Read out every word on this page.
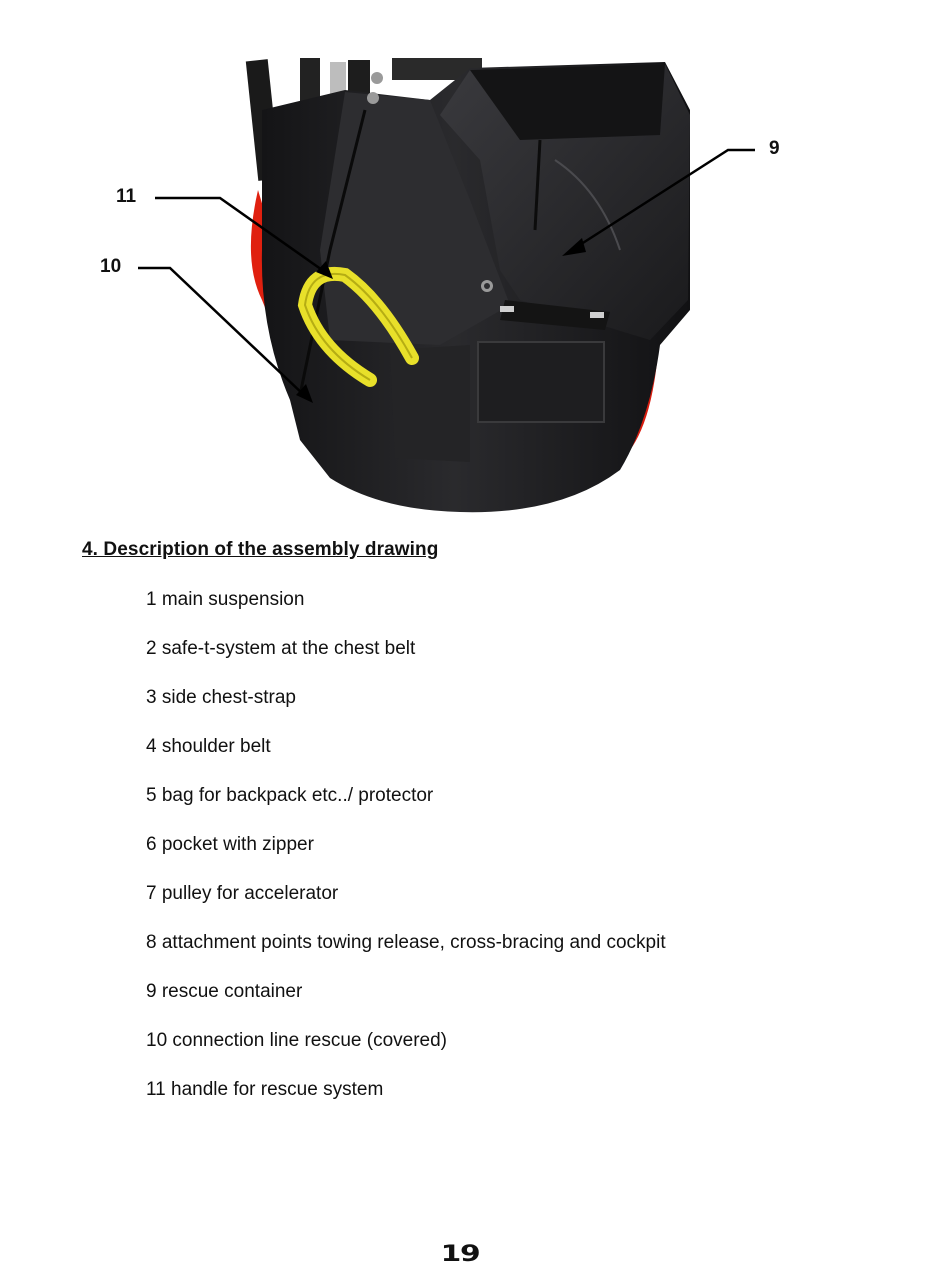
9
11
10
4. Description of the assembly drawing
1 main suspension
2 safe-t-system at the chest belt
3 side chest-strap
4 shoulder belt
5 bag for backpack etc../ protector
6 pocket with zipper
7 pulley for accelerator
8 attachment points towing release, cross-bracing and cockpit
9 rescue container
10 connection line rescue (covered)
11 handle for rescue system
19
